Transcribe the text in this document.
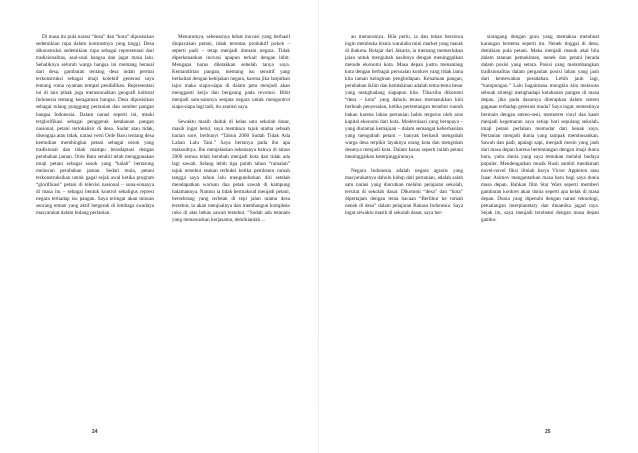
Di masa itu pula narasi “desa” dan “kota” diposisikan sedemikian rupa dalam kontrastnya yang tinggi. Desa dikonstruksi sedemikian rupa sebagai representasi dari tradisionalitas, asal-usul bangsa dan jagat masa lalu. Sebaliknya seluruh warga bangsa ini memang berasal dari desa, gambaran tentang desa indah permai terkonstruksi sebagai imaji kolektif generasi saya tentang roma nyaman tempat pendidikan. Representasi ini di lain pihak juga merasionalkan geografi kultural Indonesia tentang keragaman bangsa. Desa diposisikan sebagai tulang punggung pertanian dan sumber pangan bangsa Indonesia. Dalam narasi seperti ini, meski terglorifikasi sebagai penggerak ketahanan pangan nasional, petani terlokalisir di desa. Sudut atau tidak, disengaja atau tidak, narasi versi Orde Baru tentang desa kemudian membingkai petani sebagai sosok yang tradisional dan tidak mampu beradaptasi dengan perubahan jaman. Orde Baru sendiri telah menggunakan imaji petani sebagai sosok yang “kalah” bertarung melawan perubahan jaman. Sedari mula, petani terkonstruksikan untuk gagal sejak awal ketika program “glorifikasi” petani di televisi nasional – sona-sonanya di masa itu – sebagai bentuk kontrol sekaligus represi negara terhadap isu pangan. Saya teringat akan tuturan seorang teman yang aktif bergerak di lembaga swadaya masyarakat dalam bidang pertanian.

Menurutnya, sebenarnya hebat inovasi yang berhasil diupayakan petani, tidak terentas produktif pokok – seperti padi – tetap menjadi domain negara. Tidak diperkenankan inovasi apapun terkait dengan bibit. Mengapa harus diletakkan sebelah tanya saya. Kemandirian pangan, memang isu sensitif yang berkaitan dengan kebijakan negara, karena jika lanjutkan lajur maka siapa-siapa di dalam peta menjadi akan mengganti kerja dan bergaung pada revolusi. Bibit menjadi satu-satunya senjata negara untuk mengontrol siapa-siapa lagi tadi, itu asumsi saya.

Sewaktu masih duduk di kelas satu sekolah dasar, masih ingat betul, saya membaca tajuk utama sebuah harian sore, berbunyi “Tahun 2000 Sudah Tidak Ada Lahan Lalu Tani.” Saya bertanya pada ibu apa maksudnya. Ibu menjelaskan sekenanya bahwa di tahun 2000 semua telah berubah menjadi kota dan tidak ada lagi sawah. Selang lebih tiga puluh tahun “ramalan” tajuk tersebut seakan terbukti ketika pembantu rumah tangga saya tahun lalu mengundurkan diri setelah mendapatkan warisan dua petak sawah di kampung halamannya. Namun ia tidak bermaksud menjadi petani, bersebrang yang terletak di tepi jalan utama desa tersebut, ia akan menjualnya dan membangun kompleks ruko di atas bekas sawah tersebut. “Sudah ada tetanam yang menawarkan kerjasama, demikianlah ...

24

an menurutnya. Bila perlu, ia dan tekan bersiswa ingin membuka bisnis waralaba mini market yang marak di ibukota. Belajar dari Jakarta, ia memang memerlukan jalan untuk mengubah nasibnya dengan meninggalkan metode ekonomi kota. Masa depan justru menantang kota dengan berbagai persoalan konkret yang tidak lama kita taman keinginan penghidupan. Kenahuan pangan, perubahan iklim dan kemiskinan adalah tema-tema besar yang menghadang siapapun kita. Tiba-tiba dikotomi “desa – kota” yang dahulu terasa memasukkan kini berbuah penyesalan, ketika pertentangan tersebut runtuh bukan karena lahan pertanian habis tergerus oleh arus kapital ekonomi dari kota. Modernisasi yang berupaya – yang diutamai kemajuan – dalam semangat keberhasilan yang mengubah petani – banyak berhasil mengubah warga desa terpikir layaknya orang kota dan mengubah desanya menjadi kota. Dalam kasus seperti inilah petani meninggalkan keterpinggirannya.

Negara Indonesia adalah negara agraris yang masyarakatnya dahulu hidup dari pertanian, adalah salah satu narasi yang diurutkan melalui pelajaran sekolah, tersirat di sekolah dasar. Dikotomi “desa” dan “kota” dipertajam dengan tema bacaan “Berlibur ke rumah nenek di desa” dalam pelajaran Bahasa Indonesia. Saya ingat sewaktu masih di sekolah dasar, saya ber-

sirangang dengan guru yang memaksa membuat karangan bertema seperti itu. Nenek tinggal di desa, demikian pula petani. Maka menjadi masuk akal bila dalam tatanan pemukiman, nenek dan petani berada dalam posisi yang setara. Posisi yang melambangkan tradisionalitas dalam pergaulan posisi lahan yang jauh dari kemewahan peradaban. Lebih jauh lagi, “kampungan.” Lalu bagaimana mungkin kita melawan sebuah strategi menghadapi ketahanan pangan di masa depan, jika pada dasarnya diterapkan dalam sistem gagasan terhadap generasi muda? Saya ingat, semestinya bermain dengan stereo-seni, memotret vinyl dan kaset menjadi kegemaran saya setiap hari sepulang sekolah, imaji petani perlahan memudar dari benak saya. Pertanian menjadi dunia yang tampak membosankan. Sawah dan padi, apalagi sapi, menjadi mesin yang jauh dari masa depan karena bertentangan dengan imaji dunia baru, yaitu dunia yang saya temukan melalui budaya populer. Mendengarkan musik Rush sambil menikmati novel-novel fiksi ilmiah karya Victor Appleton atau Isaac Asimov mengantarkan masa baru bagi saya dunia masa depan. Bahkan film Star Wars seperti memberi gambaran konkret akan dunia seperti apa kelak di masa depan. Dunia yang dipenuhi dengan narasi teknologi, petualangan interplanetary dan dinamika jagad raya. Sejak itu, saya menjadi terobsesi dengan masa depan gamba-

25
